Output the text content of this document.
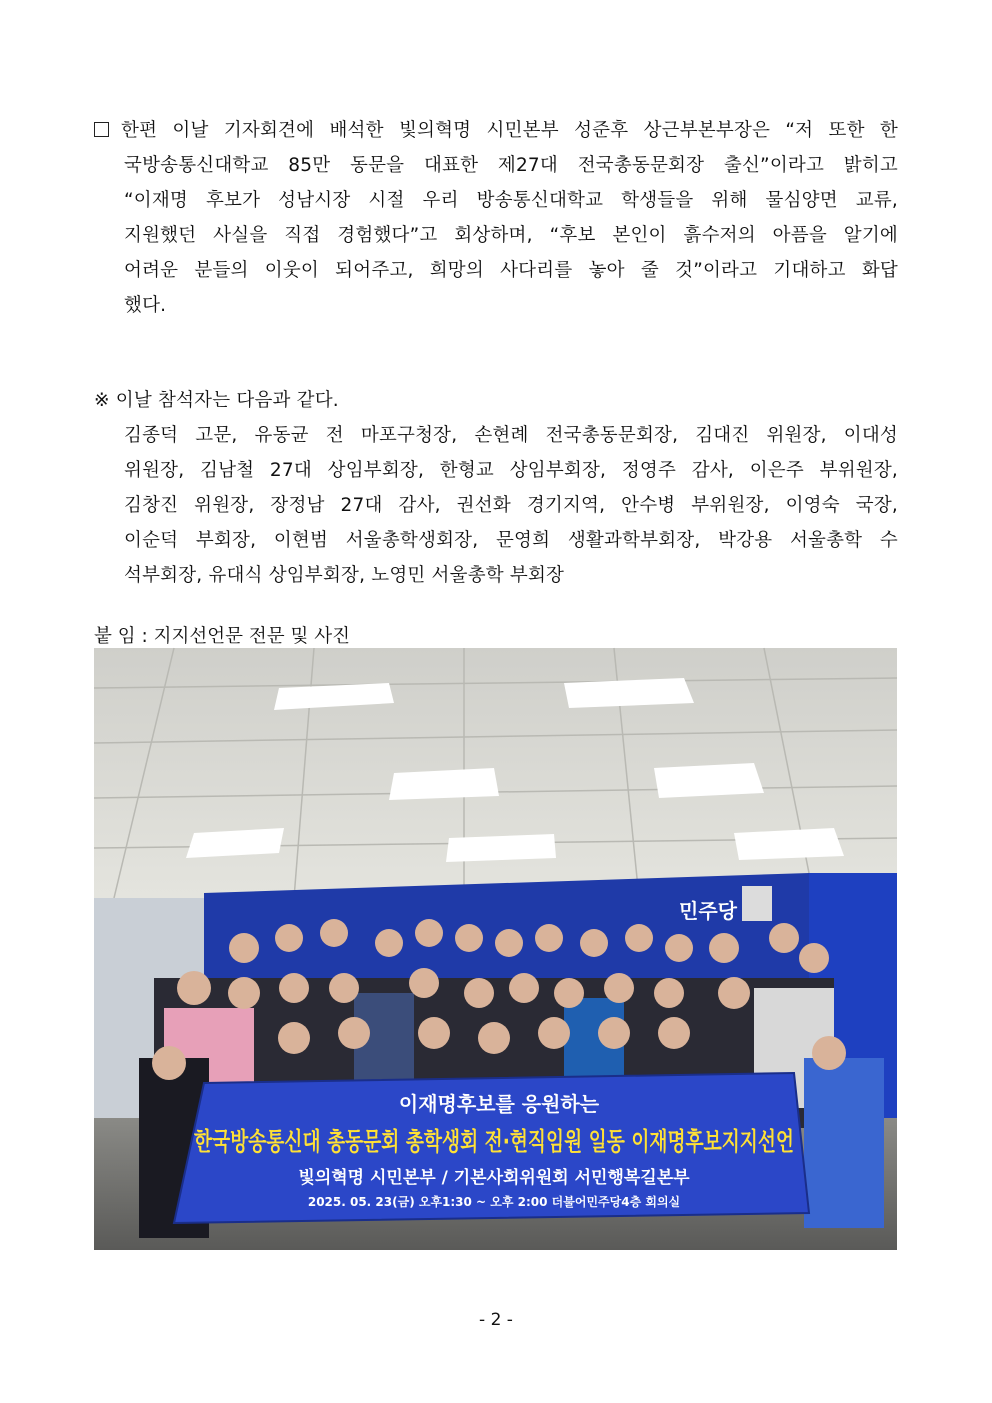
한편 이날 기자회견에 배석한 빛의혁명 시민본부 성준후 상근부본부장은 “저 또한 한
국방송통신대학교 85만 동문을 대표한 제27대 전국총동문회장 출신”이라고 밝히고
“이재명 후보가 성남시장 시절 우리 방송통신대학교 학생들을 위해 물심양면 교류,
지원했던 사실을 직접 경험했다”고 회상하며, “후보 본인이 흙수저의 아픔을 알기에
어려운 분들의 이웃이 되어주고, 희망의 사다리를 놓아 줄 것”이라고 기대하고 화답
했다.
※ 이날 참석자는 다음과 같다.
김종덕 고문, 유동균 전 마포구청장, 손현례 전국총동문회장, 김대진 위원장, 이대성
위원장, 김남철 27대 상임부회장, 한형교 상임부회장, 정영주 감사, 이은주 부위원장,
김창진 위원장, 장정남 27대 감사, 권선화 경기지역, 안수병 부위원장, 이영숙 국장,
이순덕 부회장, 이현범 서울총학생회장, 문영희 생활과학부회장, 박강용 서울총학 수
석부회장, 유대식 상임부회장, 노영민 서울총학 부회장
붙 임 : 지지선언문 전문 및 사진
민주당
이재명후보를 응원하는
한국방송통신대 총동문회 총학생회 전·현직임원 일동 이재명후보지지선언
빛의혁명 시민본부 / 기본사회위원회 서민행복길본부
2025. 05. 23(금) 오후1:30 ~ 오후 2:00 더불어민주당4층 회의실
- 2 -
